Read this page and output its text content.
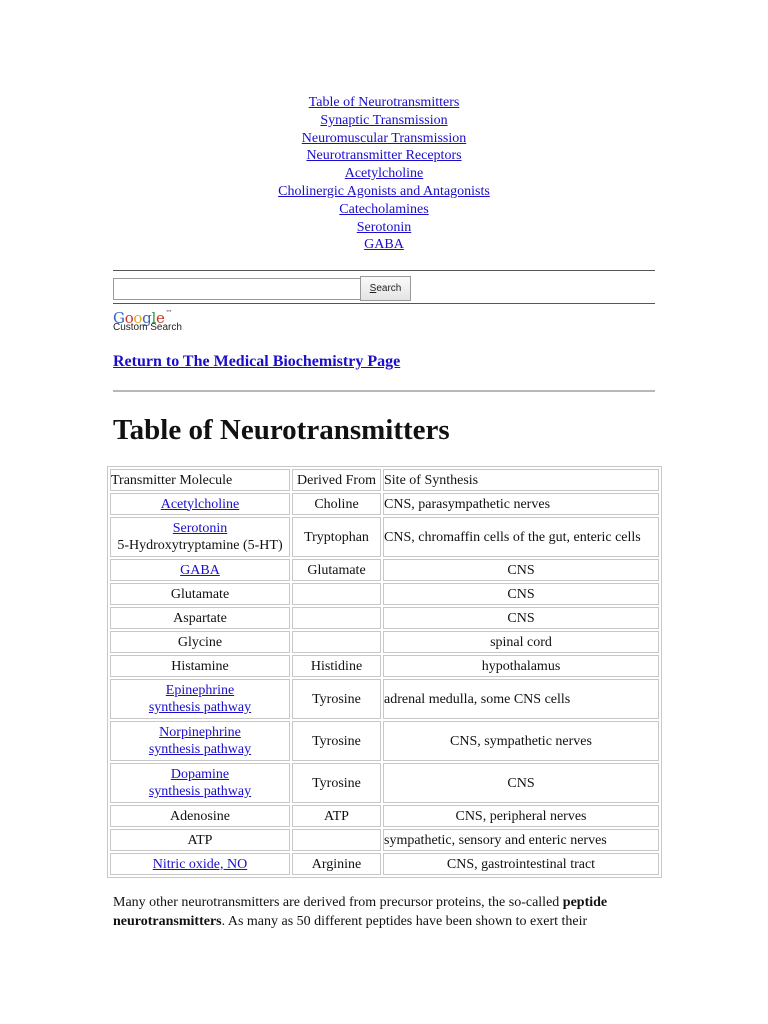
Table of Neurotransmitters
Synaptic Transmission
Neuromuscular Transmission
Neurotransmitter Receptors
Acetylcholine
Cholinergic Agonists and Antagonists
Catecholamines
Serotonin
GABA
Search
Google™
Custom Search
Return to The Medical Biochemistry Page
Table of Neurotransmitters
Transmitter Molecule	Derived From	Site of Synthesis

Acetylcholine	Choline	CNS, parasympathetic nerves

Serotonin
5-Hydroxytryptamine (5-HT)	Tryptophan	CNS, chromaffin cells of the gut, enteric cells

GABA	Glutamate	CNS
Glutamate		CNS
Aspartate		CNS
Glycine		spinal cord
Histamine	Histidine	hypothalamus

Epinephrine
synthesis pathway	Tyrosine	adrenal medulla, some CNS cells

Norpinephrine
synthesis pathway	Tyrosine	CNS, sympathetic nerves

Dopamine
synthesis pathway	Tyrosine	CNS
Adenosine	ATP	CNS, peripheral nerves
ATP		sympathetic, sensory and enteric nerves

Nitric oxide, NO	Arginine	CNS, gastrointestinal tract

Many other neurotransmitters are derived from precursor proteins, the so-called peptide neurotransmitters. As many as 50 different peptides have been shown to exert their
